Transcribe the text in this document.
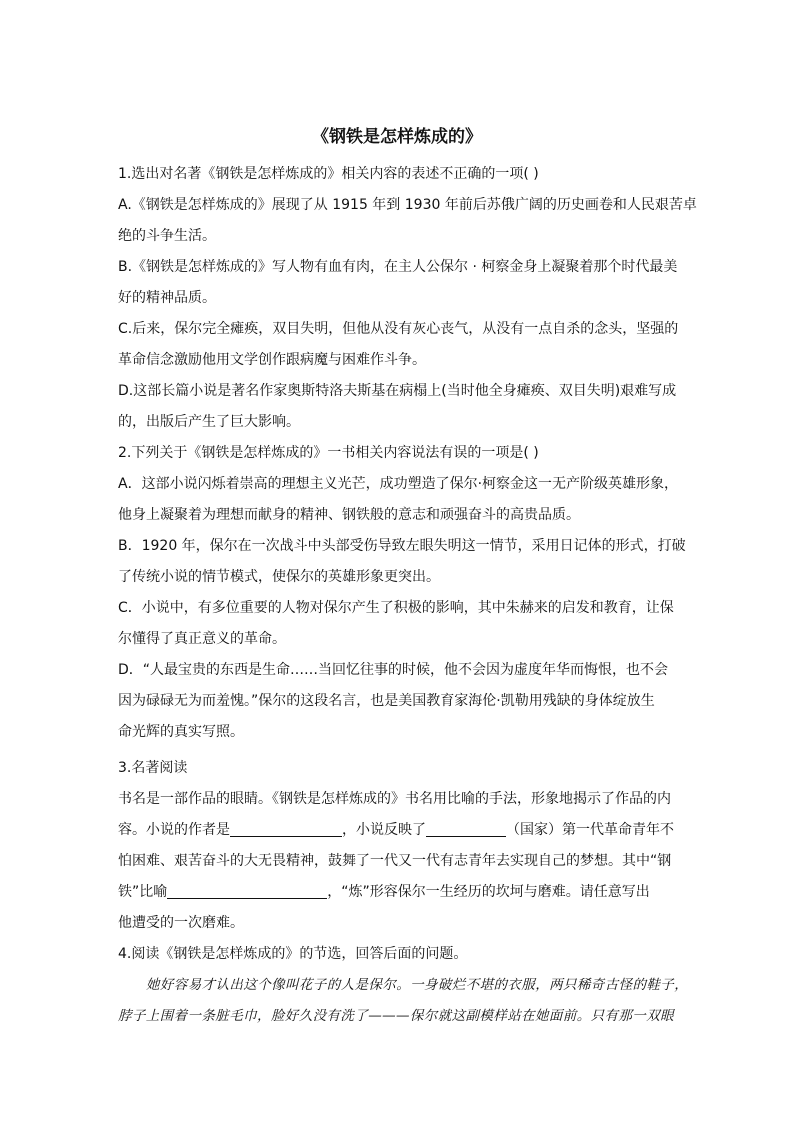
《钢铁是怎样炼成的》
1.选出对名著《钢铁是怎样炼成的》相关内容的表述不正确的一项( )
A.《钢铁是怎样炼成的》展现了从 1915 年到 1930 年前后苏俄广阔的历史画卷和人民艰苦卓
绝的斗争生活。
B.《钢铁是怎样炼成的》写人物有血有肉，在主人公保尔 · 柯察金身上凝聚着那个时代最美
好的精神品质。
C.后来，保尔完全瘫痪，双目失明，但他从没有灰心丧气，从没有一点自杀的念头，坚强的
革命信念激励他用文学创作跟病魔与困难作斗争。
D.这部长篇小说是著名作家奥斯特洛夫斯基在病榻上(当时他全身瘫痪、双目失明)艰难写成
的，出版后产生了巨大影响。
2.下列关于《钢铁是怎样炼成的》一书相关内容说法有误的一项是( )
A．这部小说闪烁着崇高的理想主义光芒，成功塑造了保尔·柯察金这一无产阶级英雄形象，
他身上凝聚着为理想而献身的精神、钢铁般的意志和顽强奋斗的高贵品质。
B．1920 年，保尔在一次战斗中头部受伤导致左眼失明这一情节，采用日记体的形式，打破
了传统小说的情节模式，使保尔的英雄形象更突出。
C．小说中，有多位重要的人物对保尔产生了积极的影响，其中朱赫来的启发和教育，让保
尔懂得了真正意义的革命。
D．“人最宝贵的东西是生命……当回忆往事的时候，他不会因为虚度年华而悔恨，也不会
因为碌碌无为而羞愧。”保尔的这段名言，也是美国教育家海伦·凯勒用残缺的身体绽放生
命光辉的真实写照。
3.名著阅读
书名是一部作品的眼睛。《钢铁是怎样炼成的》书名用比喻的手法，形象地揭示了作品的内
容。小说的作者是	，小说反映了	（国家）第一代革命青年不
怕困难、艰苦奋斗的大无畏精神，鼓舞了一代又一代有志青年去实现自己的梦想。其中“钢
铁”比喻	，“炼”形容保尔一生经历的坎坷与磨难。请任意写出
他遭受的一次磨难。
4.阅读《钢铁是怎样炼成的》的节选，回答后面的问题。
她好容易才认出这个像叫花子的人是保尔。一身破烂不堪的衣服，两只稀奇古怪的鞋子，
脖子上围着一条脏毛巾，脸好久没有洗了———保尔就这副模样站在她面前。只有那一双眼
